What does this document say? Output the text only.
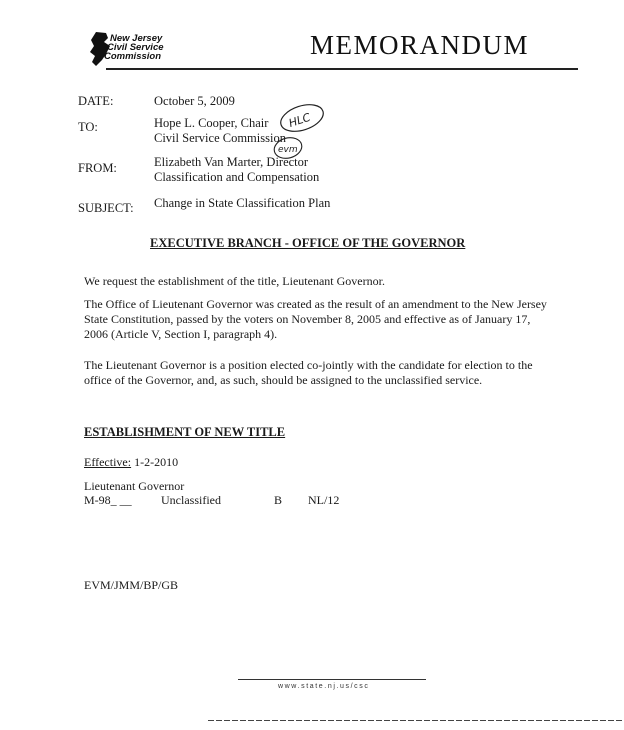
New Jersey
Civil Service
Commission	MEMORANDUM
DATE:	October 5, 2009
TO:	Hope L. Cooper, Chair
Civil Service Commission
HLC
FROM:	Elizabeth Van Marter, Director
Classification and Compensation
evm
SUBJECT: Change in State Classification Plan
EXECUTIVE BRANCH - OFFICE OF THE GOVERNOR

We request the establishment of the title, Lieutenant Governor.

The Office of Lieutenant Governor was created as the result of an amendment to the New Jersey State Constitution, passed by the voters on November 8, 2005 and effective as of January 17, 2006 (Article V, Section I, paragraph 4).

The Lieutenant Governor is a position elected co-jointly with the candidate for election to the office of the Governor, and, as such, should be assigned to the unclassified service.

ESTABLISHMENT OF NEW TITLE
Effective: 1-2-2010
Lieutenant Governor
M-98_ __ Unclassified	B NL/12
EVM/JMM/BP/GB
www.state.nj.us/csc
